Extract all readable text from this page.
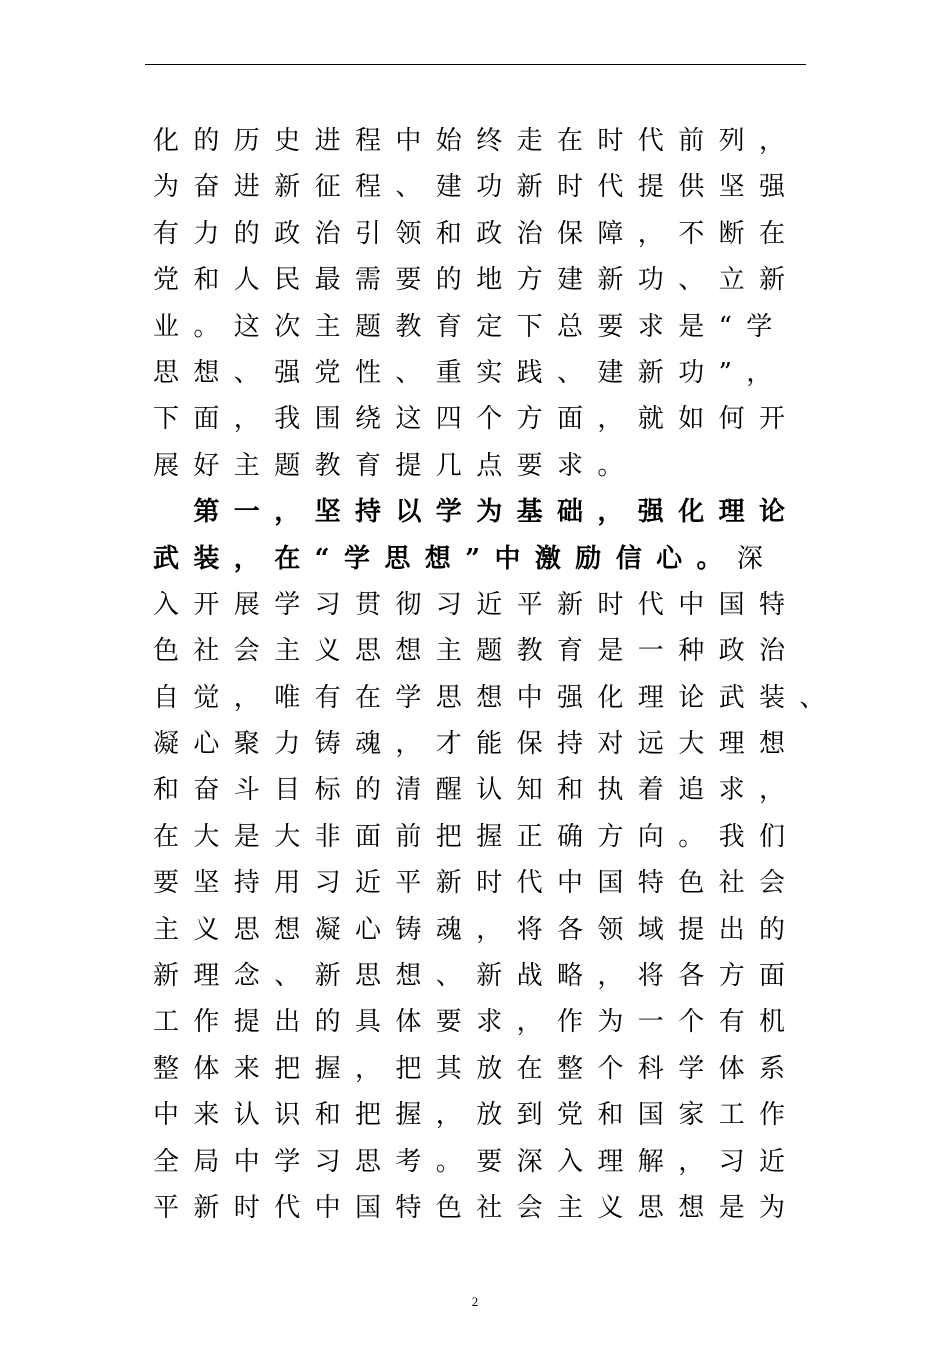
化的历史进程中始终走在时代前列，
为奋进新征程、建功新时代提供坚强
有力的政治引领和政治保障，不断在
党和人民最需要的地方建新功、立新
业。这次主题教育定下总要求是“学
思想、强党性、重实践、建新功”，
下面，我围绕这四个方面，就如何开
展好主题教育提几点要求。
　第一，坚持以学为基础，强化理论
武装，在“学思想”中激励信心。深
入开展学习贯彻习近平新时代中国特
色社会主义思想主题教育是一种政治
自觉，唯有在学思想中强化理论武装、
凝心聚力铸魂，才能保持对远大理想
和奋斗目标的清醒认知和执着追求，
在大是大非面前把握正确方向。我们
要坚持用习近平新时代中国特色社会
主义思想凝心铸魂，将各领域提出的
新理念、新思想、新战略，将各方面
工作提出的具体要求，作为一个有机
整体来把握，把其放在整个科学体系
中来认识和把握，放到党和国家工作
全局中学习思考。要深入理解，习近
平新时代中国特色社会主义思想是为
2
